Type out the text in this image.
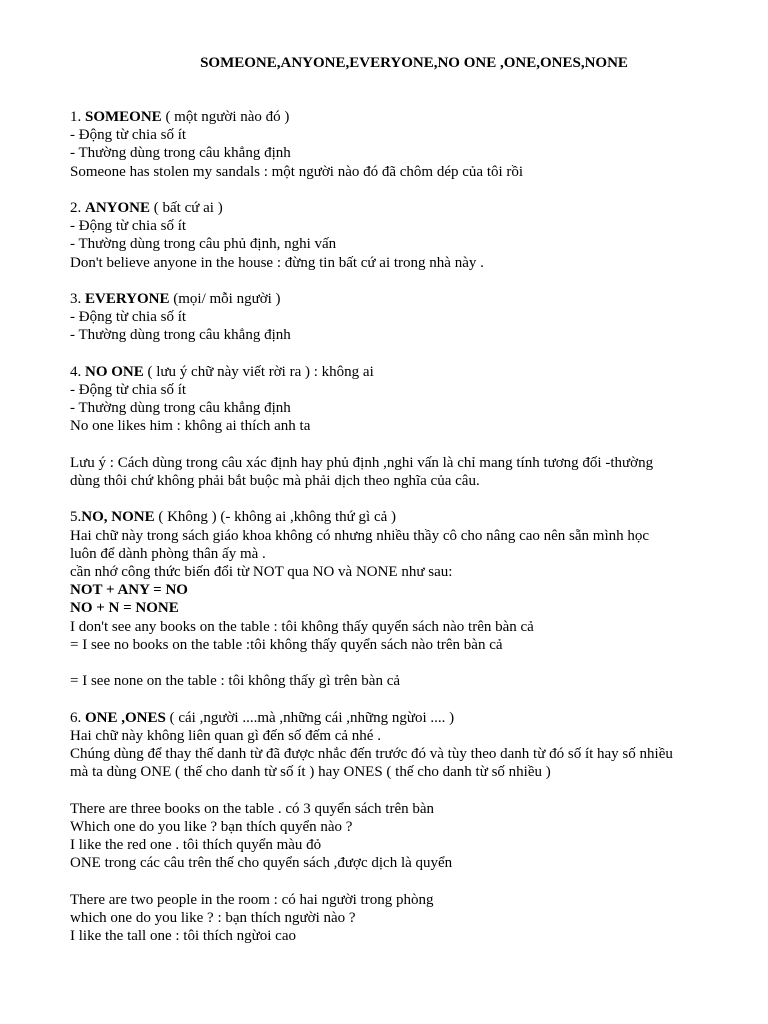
SOMEONE,ANYONE,EVERYONE,NO ONE ,ONE,ONES,NONE
1. SOMEONE ( một người nào đó )
- Động từ chia số ít
- Thường dùng trong câu khẳng định
Someone has stolen my sandals : một người nào đó đã chôm dép của tôi rồi
2. ANYONE ( bất cứ ai )
- Động từ chia số ít
- Thường dùng trong câu phủ định, nghi vấn
Don't believe anyone in the house : đừng tin bất cứ ai trong nhà này .
3. EVERYONE (mọi/ mỗi người )
- Động từ chia số ít
- Thường dùng trong câu khẳng định
4. NO ONE ( lưu ý chữ này viết rời ra ) : không ai
- Động từ chia số ít
- Thường dùng trong câu khẳng định
No one likes him : không ai thích anh ta
Lưu ý : Cách dùng trong câu xác định hay phủ định ,nghi vấn là chỉ mang tính tương đối -thường
dùng thôi chứ không phải bắt buộc mà phải dịch theo nghĩa của câu.
5.NO, NONE ( Không ) (- không ai ,không thứ gì cả )
Hai chữ này trong sách giáo khoa không có nhưng nhiều thầy cô cho nâng cao nên sẵn mình học
luôn để dành phòng thân ấy mà .
cần nhớ công thức biến đổi từ NOT qua NO và NONE như sau:
NOT + ANY = NO
NO + N = NONE
I don't see any books on the table : tôi không thấy quyển sách nào trên bàn cả
= I see no books on the table :tôi không thấy quyển sách nào trên bàn cả
= I see none on the table : tôi không thấy gì trên bàn cả
6. ONE ,ONES ( cái ,người ....mà ,những cái ,những ngừoi .... )
Hai chữ này không liên quan gì đến số đếm cả nhé .
Chúng dùng để thay thế danh từ đã được nhắc đến trước đó và tùy theo danh từ đó số ít hay số nhiều
mà ta dùng ONE ( thế cho danh từ số ít ) hay ONES ( thế cho danh từ số nhiều )
There are three books on the table . có 3 quyển sách trên bàn
Which one do you like ? bạn thích quyển nào ?
I like the red one . tôi thích quyển màu đỏ
ONE trong các câu trên thế cho quyển sách ,được dịch là quyển
There are two people in the room : có hai người trong phòng
which one do you like ? : bạn thích người nào ?
I like the tall one : tôi thích ngừoi cao
